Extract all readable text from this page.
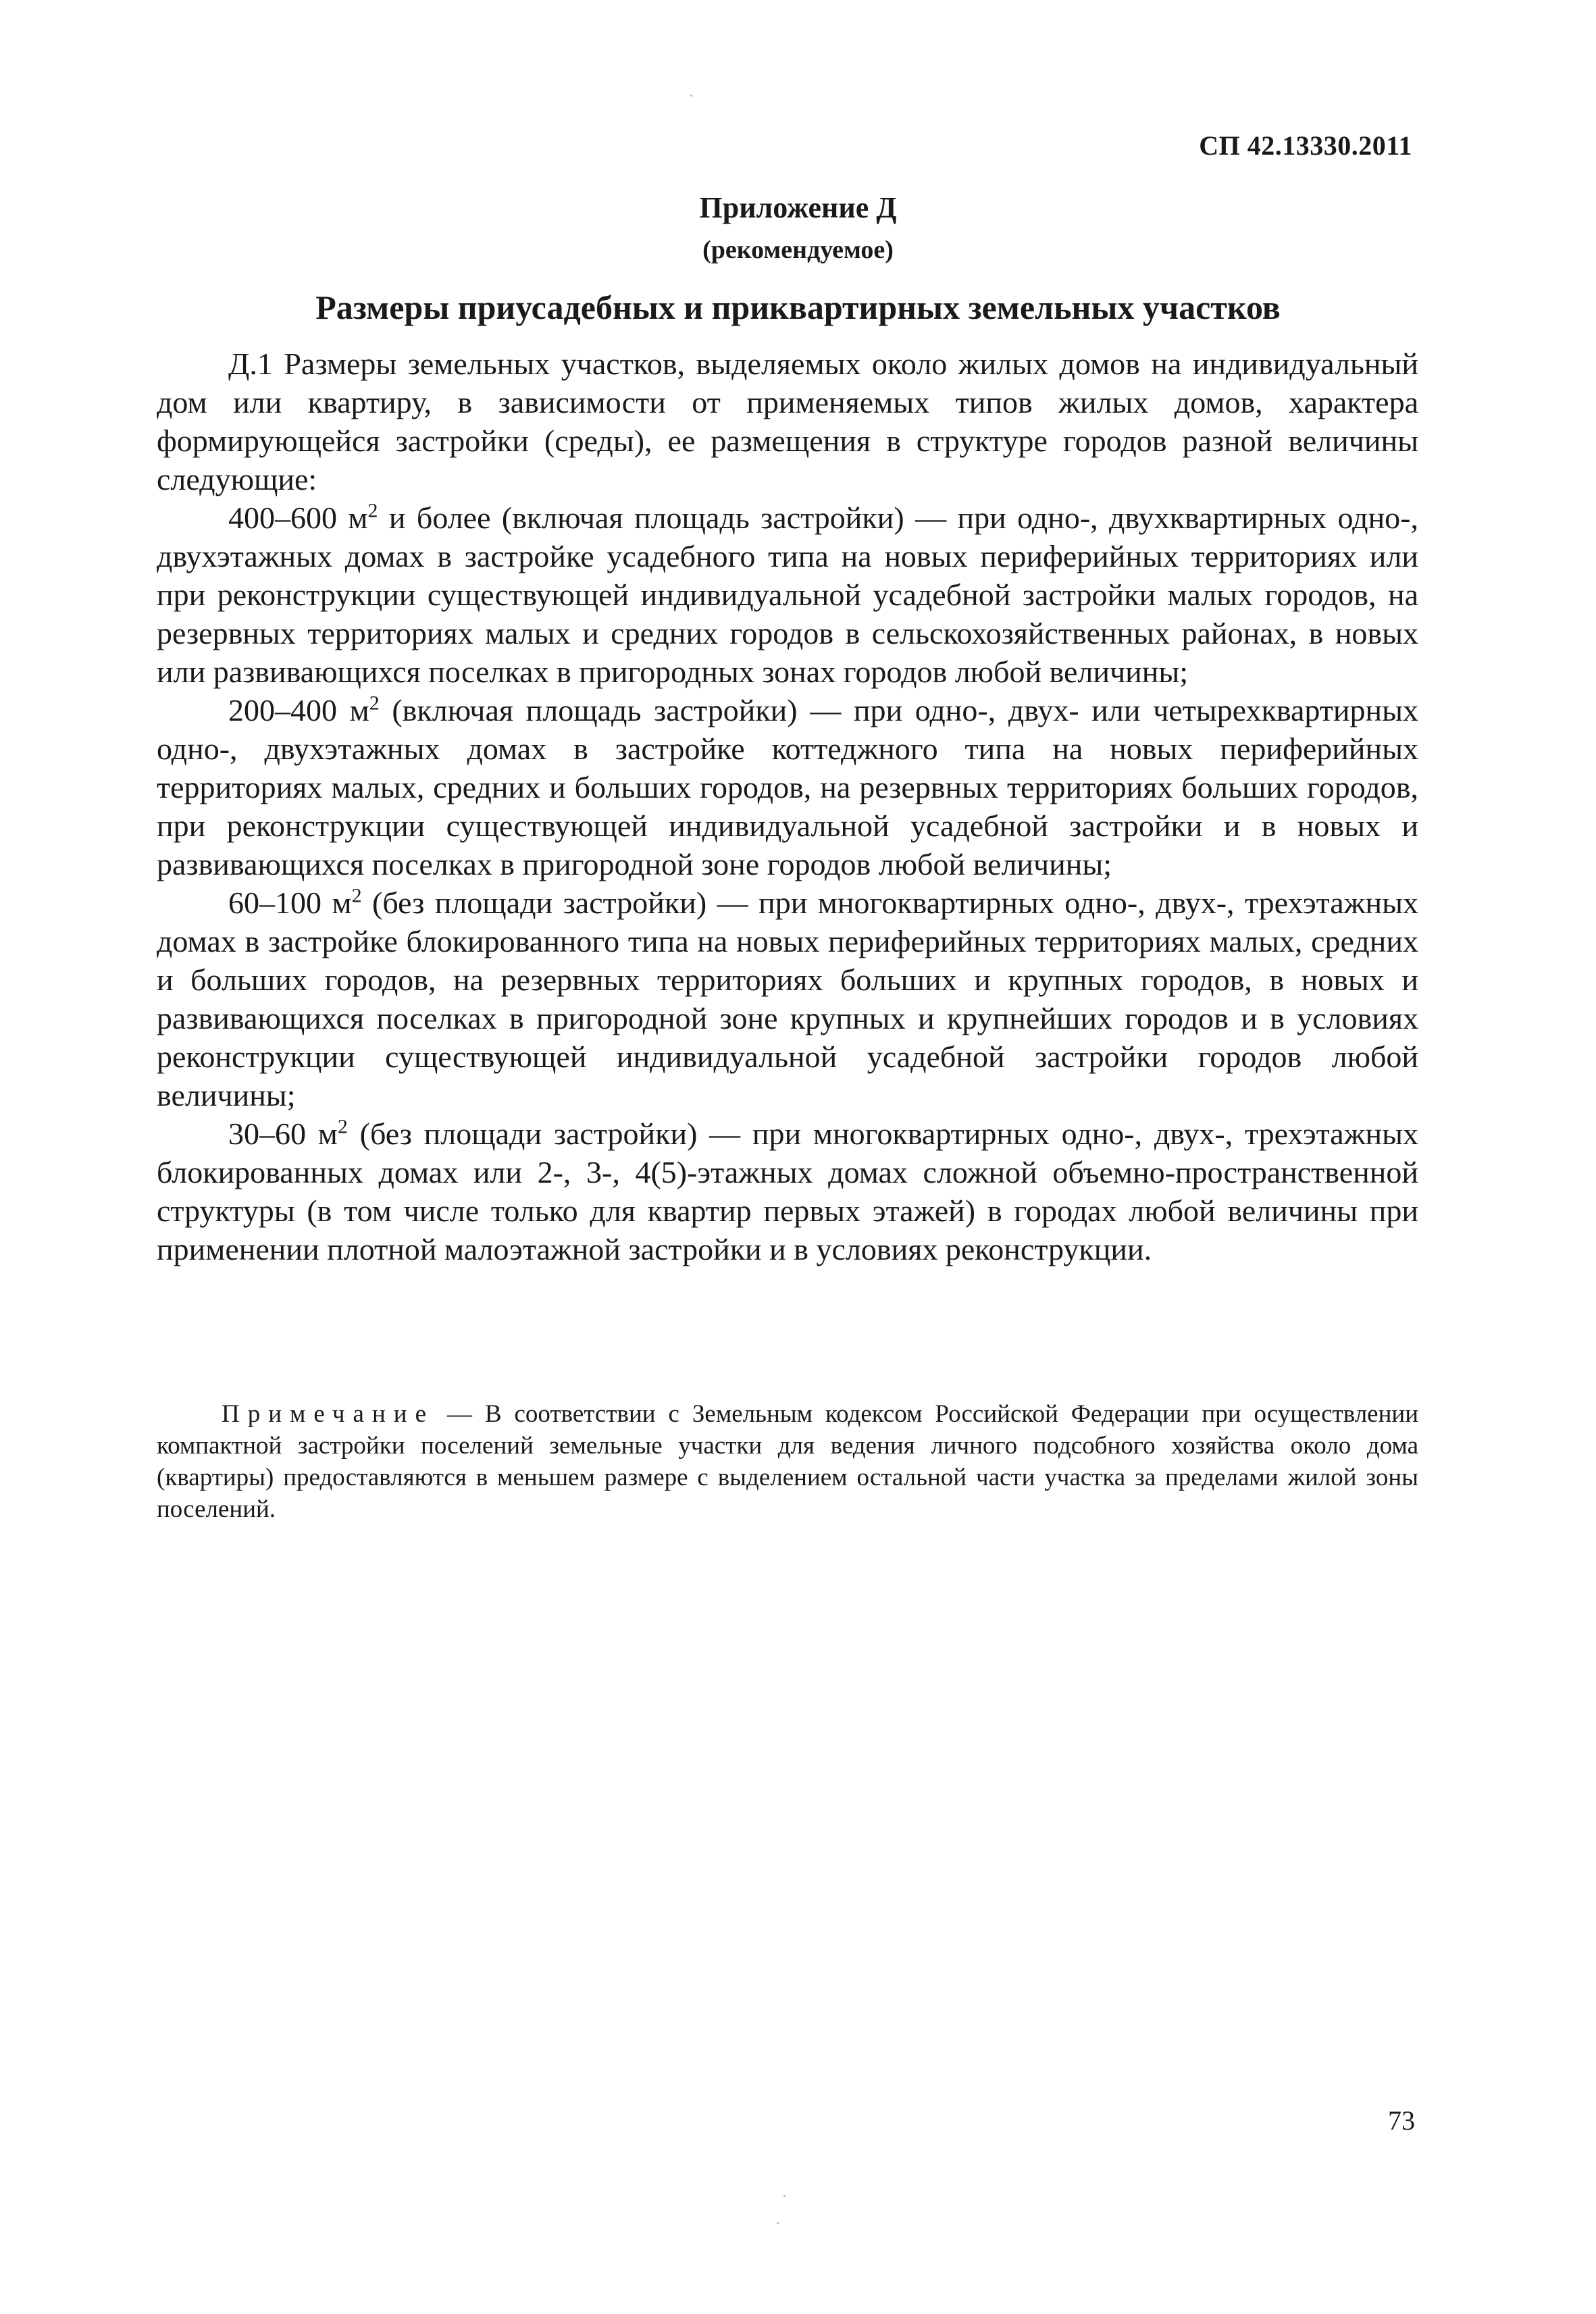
СП 42.13330.2011
Приложение Д
(рекомендуемое)
Размеры приусадебных и приквартирных земельных участков

Д.1 Размеры земельных участков, выделяемых около жилых домов на индивидуальный дом или квартиру, в зависимости от применяемых типов жилых домов, характера формирующейся застройки (среды), ее размещения в структуре городов разной величины следующие:

400–600 $м^2$ и более (включая площадь застройки) — при одно-, двухквартирных одно-, двухэтажных домах в застройке усадебного типа на новых периферийных территориях или при реконструкции существующей индивидуальной усадебной застройки малых городов, на резервных территориях малых и средних городов в сельскохозяйственных районах, в новых или развивающихся поселках в пригородных зонах городов любой величины;

200–400 $м^2$ (включая площадь застройки) — при одно-, двух- или четырехквартирных одно-, двухэтажных домах в застройке коттеджного типа на новых периферийных территориях малых, средних и больших городов, на резервных территориях больших городов, при реконструкции существующей индивидуальной усадебной застройки и в новых и развивающихся поселках в пригородной зоне городов любой величины;

60–100 $м^2$ (без площади застройки) — при многоквартирных одно-, двух-, трехэтажных домах в застройке блокированного типа на новых периферийных территориях малых, средних и больших городов, на резервных территориях больших и крупных городов, в новых и развивающихся поселках в пригородной зоне крупных и крупнейших городов и в условиях реконструкции существующей индивидуальной усадебной застройки городов любой величины;

30–60 $м^2$ (без площади застройки) — при многоквартирных одно-, двух-, трехэтажных блокированных домах или 2-, 3-, 4(5)-этажных домах сложной объемно-пространственной структуры (в том числе только для квартир первых этажей) в городах любой величины при применении плотной малоэтажной застройки и в условиях реконструкции.

Примечание — В соответствии с Земельным кодексом Российской Федерации при осуществлении компактной застройки поселений земельные участки для ведения личного подсобного хозяйства около дома (квартиры) предоставляются в меньшем размере с выделением остальной части участка за пределами жилой зоны поселений.
73
